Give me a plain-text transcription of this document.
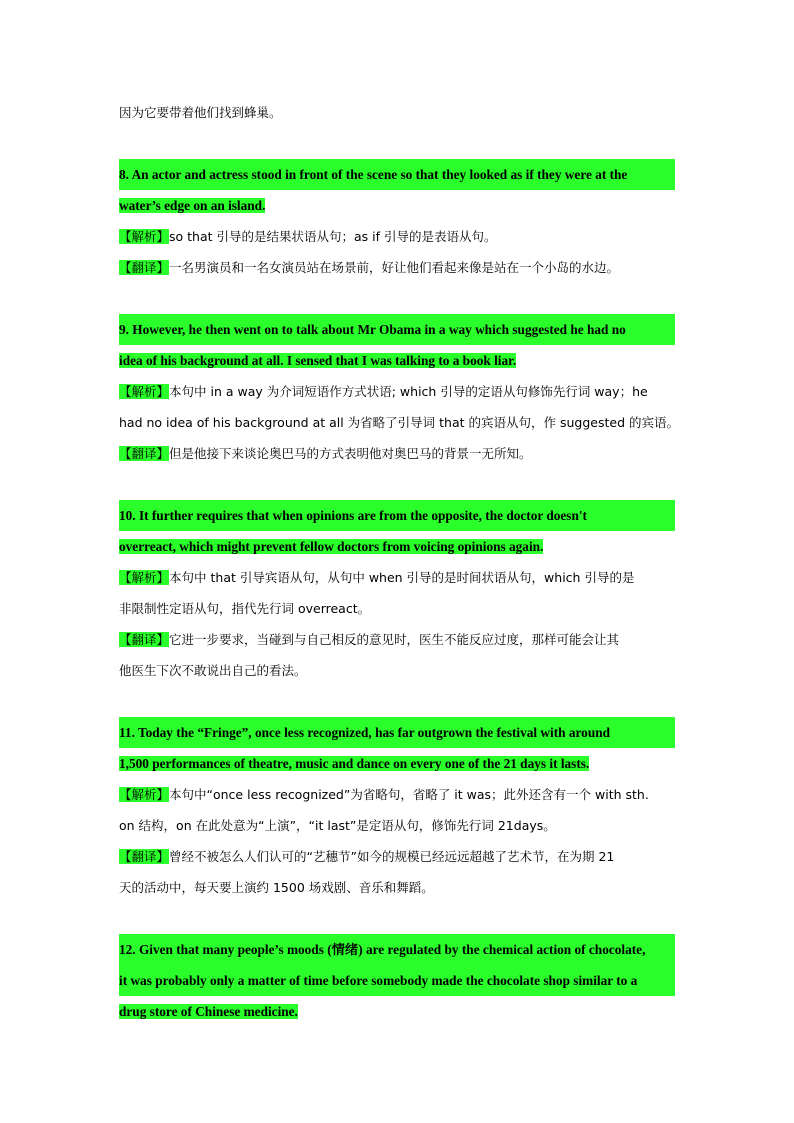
因为它要带着他们找到蜂巢。
8. An actor and actress stood in front of the scene so that they looked as if they were at the
water’s edge on an island.
【解析】so that 引导的是结果状语从句；as if 引导的是表语从句。
【翻译】一名男演员和一名女演员站在场景前，好让他们看起来像是站在一个小岛的水边。
9. However, he then went on to talk about Mr Obama in a way which suggested he had no
idea of his background at all. I sensed that I was talking to a book liar.
【解析】本句中 in a way 为介词短语作方式状语; which 引导的定语从句修饰先行词 way；he
had no idea of his background at all 为省略了引导词 that 的宾语从句，作 suggested 的宾语。
【翻译】但是他接下来谈论奥巴马的方式表明他对奥巴马的背景一无所知。
10. It further requires that when opinions are from the opposite, the doctor doesn't
overreact, which might prevent fellow doctors from voicing opinions again.
【解析】本句中 that 引导宾语从句，从句中 when 引导的是时间状语从句，which 引导的是
非限制性定语从句，指代先行词 overreact。
【翻译】它进一步要求，当碰到与自己相反的意见时，医生不能反应过度，那样可能会让其
他医生下次不敢说出自己的看法。
11. Today the “Fringe”, once less recognized, has far outgrown the festival with around
1,500 performances of theatre, music and dance on every one of the 21 days it lasts.
【解析】本句中“once less recognized”为省略句，省略了 it was；此外还含有一个 with sth.
on 结构，on 在此处意为“上演”，“it last”是定语从句，修饰先行词 21days。
【翻译】曾经不被怎么人们认可的“艺穗节”如今的规模已经远远超越了艺术节，在为期 21
天的活动中，每天要上演约 1500 场戏剧、音乐和舞蹈。
12. Given that many people’s moods (情绪) are regulated by the chemical action of chocolate,
it was probably only a matter of time before somebody made the chocolate shop similar to a
drug store of Chinese medicine.
